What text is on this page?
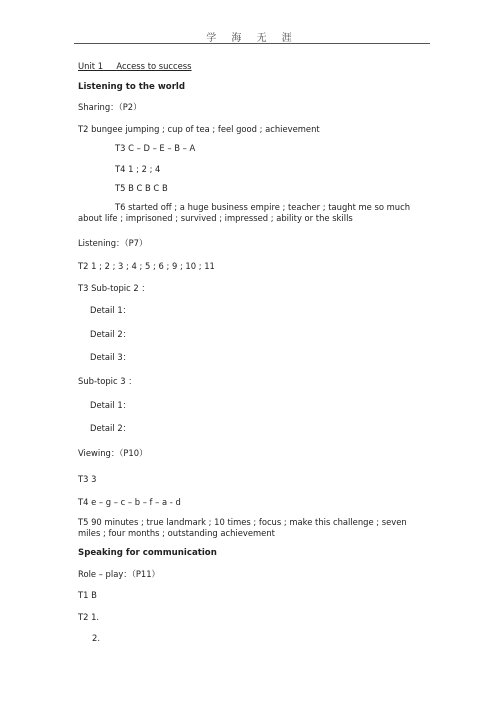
学 海 无 涯
Unit 1 Access to success
Listening to the world
Sharing：（P2）
T2 bungee jumping ; cup of tea ; feel good ; achievement
T3 C – D – E – B – A
T4 1 ; 2 ; 4
T5 B C B C B
T6 started off ; a huge business empire ; teacher ; taught me so much about life ; imprisoned ; survived ; impressed ; ability or the skills
Listening：（P7）
T2 1 ; 2 ; 3 ; 4 ; 5 ; 6 ; 9 ; 10 ; 11
T3 Sub-topic 2 ：
Detail 1：
Detail 2：
Detail 3：
Sub-topic 3 ：
Detail 1：
Detail 2：
Viewing：（P10）
T3 3
T4 e – g – c – b – f – a - d
T5 90 minutes ; true landmark ; 10 times ; focus ; make this challenge ; seven miles ; four months ; outstanding achievement
Speaking for communication
Role – play：（P11）
T1 B
T2 1.
2.
